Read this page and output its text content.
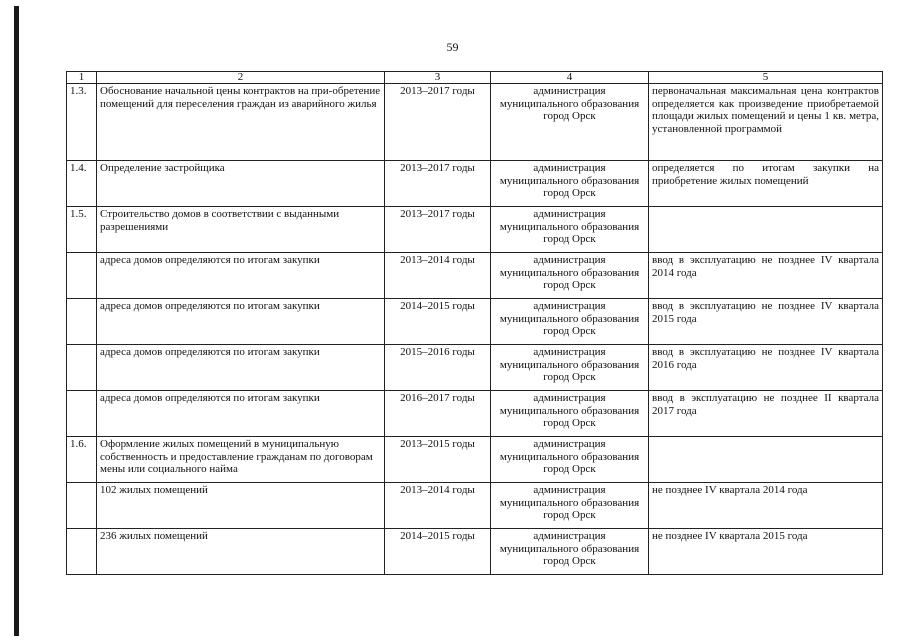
59
1	2	3	4	5
1.3.	Обоснование начальной цены контрактов на при-обретение помещений для переселения граждан из аварийного жилья	2013–2017 годы	администрация муниципального образования город Орск	первоначальная максимальная цена контрактов определяется как произведение приобретаемой площади жилых помещений и цены 1 кв. метра, установленной программой
1.4.	Определение застройщика	2013–2017 годы	администрация муниципального образования город Орск	определяется по итогам закупки на приобретение жилых помещений
1.5.	Строительство домов в соответствии с выданными разрешениями	2013–2017 годы	администрация муниципального образования город Орск	
	адреса домов определяются по итогам закупки	2013–2014 годы	администрация муниципального образования город Орск	ввод в эксплуатацию не позднее IV квартала 2014 года
	адреса домов определяются по итогам закупки	2014–2015 годы	администрация муниципального образования город Орск	ввод в эксплуатацию не позднее IV квартала 2015 года
	адреса домов определяются по итогам закупки	2015–2016 годы	администрация муниципального образования город Орск	ввод в эксплуатацию не позднее IV квартала 2016 года
	адреса домов определяются по итогам закупки	2016–2017 годы	администрация муниципального образования город Орск	ввод в эксплуатацию не позднее II квартала 2017 года
1.6.	Оформление жилых помещений в муниципальную собственность и предоставление гражданам по договорам мены или социального найма	2013–2015 годы	администрация муниципального образования город Орск	
	102 жилых помещений	2013–2014 годы	администрация муниципального образования город Орск	не позднее IV квартала 2014 года
	236 жилых помещений	2014–2015 годы	администрация муниципального образования город Орск	не позднее IV квартала 2015 года
